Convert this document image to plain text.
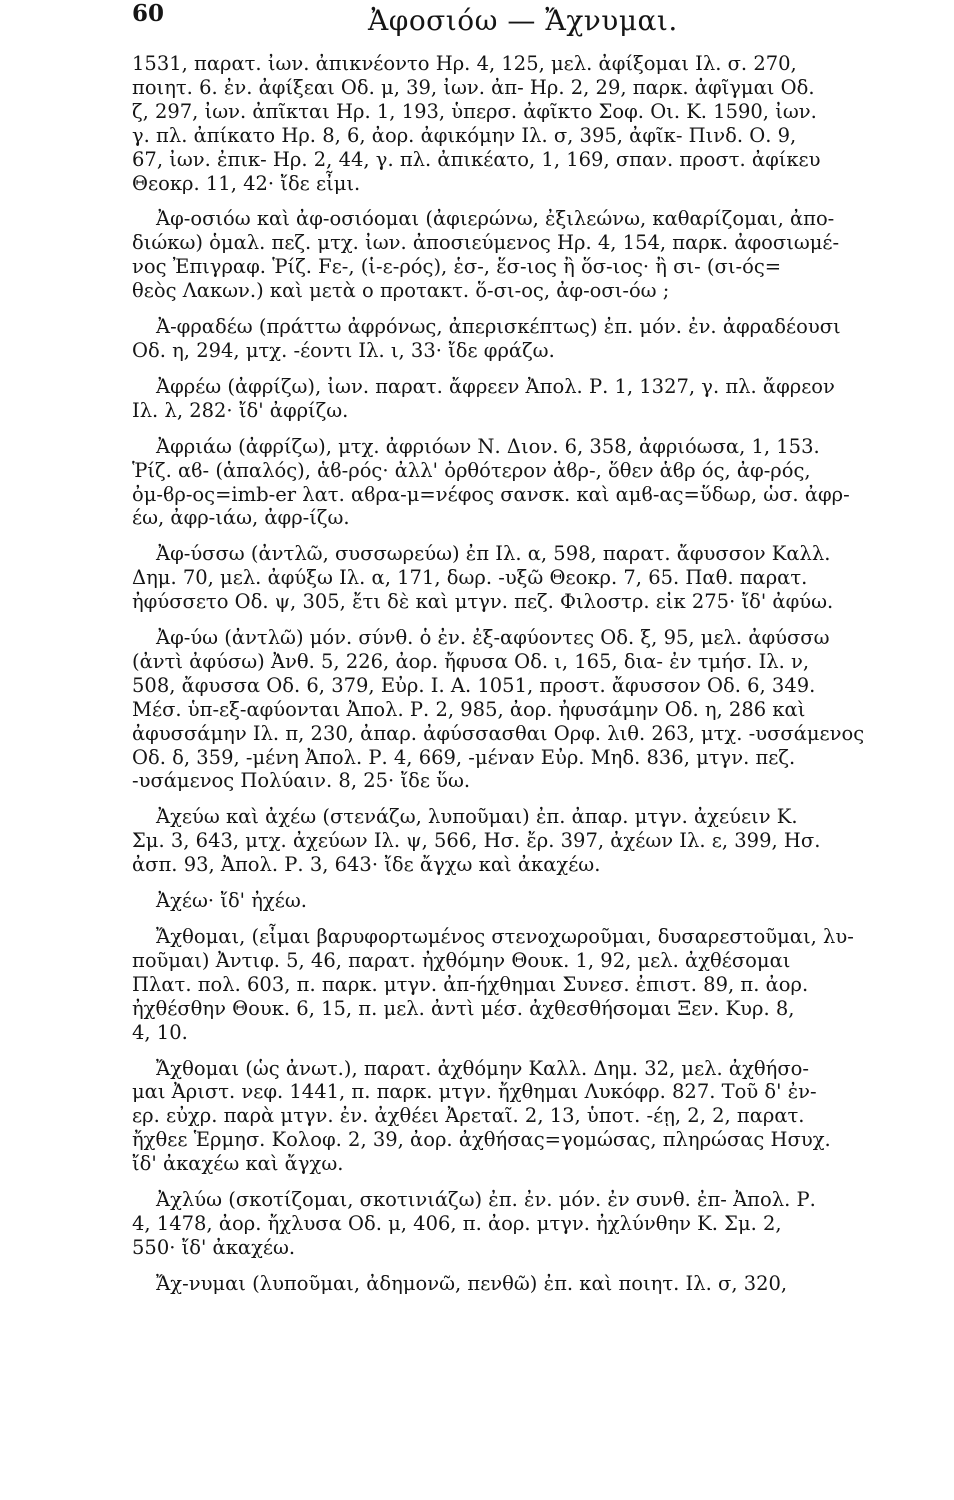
60	Ἀφοσιόω — Ἄχνυμαι.
1531, παρατ. ἰων. ἀπικνέοντο Ηρ. 4, 125, μελ. ἀφίξομαι Ιλ. σ. 270,
ποιητ. 6. ἐν. ἀφίξεαι Οδ. μ, 39, ἰων. ἀπ- Ηρ. 2, 29, παρκ. ἀφῖγμαι Οδ.
ζ, 297, ἰων. ἀπῖκται Ηρ. 1, 193, ὑπερσ. ἀφῖκτο Σοφ. Οι. Κ. 1590, ἰων.
γ. πλ. ἀπίκατο Ηρ. 8, 6, ἀορ. ἀφικόμην Ιλ. σ, 395, ἀφῖκ- Πινδ. Ο. 9,
67, ἰων. ἐπικ- Ηρ. 2, 44, γ. πλ. ἀπικέατο, 1, 169, σπαν. προστ. ἀφίκευ
Θεοκρ. 11, 42· ἴδε εἶμι.
Ἀφ-οσιόω καὶ ἀφ-οσιόομαι (ἀφιερώνω, ἐξιλεώνω, καθαρίζομαι, ἀπο-
διώκω) ὁμαλ. πεζ. μτχ. ἰων. ἀποσιεύμενος Ηρ. 4, 154, παρκ. ἀφοσιωμέ-
νος Ἐπιγραφ. Ῥίζ. Fε-, (ἱ-ε-ρός), ἑσ-, ἕσ-ιος ἢ ὅσ-ιος· ἢ σι- (σι-ός=
θεὸς Λακων.) καὶ μετὰ ο προτακτ. ὅ-σι-ος, ἀφ-οσι-όω ;
Ἀ-φραδέω (πράττω ἀφρόνως, ἀπερισκέπτως) ἐπ. μόν. ἐν. ἀφραδέουσι
Οδ. η, 294, μτχ. -έοντι Ιλ. ι, 33· ἴδε φράζω.
Ἀφρέω (ἀφρίζω), ἰων. παρατ. ἄφρεεν Ἀπολ. Ρ. 1, 1327, γ. πλ. ἄφρεον
Ιλ. λ, 282· ἴδ' ἀφρίζω.
Ἀφριάω (ἀφρίζω), μτχ. ἀφριόων Ν. Διον. 6, 358, ἀφριόωσα, 1, 153.
Ῥίζ. αϐ- (ἁπαλός), ἁϐ-ρός· ἀλλ' ὀρθότερον ἀϐρ-, ὅθεν ἁϐρ ός, ἀφ-ρός,
ὀμ-ϐρ-ος=imb-er λατ. αϐρα-μ=νέφος σανσκ. καὶ αμϐ-ας=ὕδωρ, ὡσ. ἀφρ-
έω, ἀφρ-ιάω, ἀφρ-ίζω.
Ἀφ-ύσσω (ἀντλῶ, συσσωρεύω) ἐπ Ιλ. α, 598, παρατ. ἄφυσσον Καλλ.
Δημ. 70, μελ. ἀφύξω Ιλ. α, 171, δωρ. -υξῶ Θεοκρ. 7, 65. Παθ. παρατ.
ἠφύσσετο Οδ. ψ, 305, ἔτι δὲ καὶ μτγν. πεζ. Φιλοστρ. εἰκ 275· ἴδ' ἀφύω.
Ἀφ-ύω (ἀντλῶ) μόν. σύνθ. ὁ ἐν. ἐξ-αφύοντες Οδ. ξ, 95, μελ. ἀφύσσω
(ἀντὶ ἀφύσω) Ἀνθ. 5, 226, ἀορ. ἤφυσα Οδ. ι, 165, δια- ἐν τμήσ. Ιλ. ν,
508, ἄφυσσα Οδ. 6, 379, Εὐρ. Ι. Α. 1051, προστ. ἄφυσσον Οδ. 6, 349.
Μέσ. ὑπ-εξ-αφύονται Ἀπολ. Ρ. 2, 985, ἀορ. ἠφυσάμην Οδ. η, 286 καὶ
ἀφυσσάμην Ιλ. π, 230, ἀπαρ. ἀφύσσασθαι Ορφ. λιθ. 263, μτχ. -υσσάμενος
Οδ. δ, 359, -μένη Ἀπολ. Ρ. 4, 669, -μέναν Εὐρ. Μηδ. 836, μτγν. πεζ.
-υσάμενος Πολύαιν. 8, 25· ἴδε ὕω.
Ἀχεύω καὶ ἀχέω (στενάζω, λυποῦμαι) ἐπ. ἀπαρ. μτγν. ἀχεύειν Κ.
Σμ. 3, 643, μτχ. ἀχεύων Ιλ. ψ, 566, Ησ. ἔρ. 397, ἀχέων Ιλ. ε, 399, Ησ.
ἀσπ. 93, Ἀπολ. Ρ. 3, 643· ἴδε ἄγχω καὶ ἀκαχέω.
Ἀχέω· ἴδ' ἠχέω.
Ἄχθομαι, (εἶμαι βαρυφορτωμένος στενοχωροῦμαι, δυσαρεστοῦμαι, λυ-
ποῦμαι) Ἀντιφ. 5, 46, παρατ. ἠχθόμην Θουκ. 1, 92, μελ. ἀχθέσομαι
Πλατ. πολ. 603, π. παρκ. μτγν. ἀπ-ήχθημαι Συνεσ. ἐπιστ. 89, π. ἀορ.
ἠχθέσθην Θουκ. 6, 15, π. μελ. ἀντὶ μέσ. ἀχθεσθήσομαι Ξεν. Κυρ. 8,
4, 10.
Ἄχθομαι (ὡς ἀνωτ.), παρατ. ἀχθόμην Καλλ. Δημ. 32, μελ. ἀχθήσο-
μαι Ἀριστ. νεφ. 1441, π. παρκ. μτγν. ἤχθημαι Λυκόφρ. 827. Τοῦ δ' ἐν-
ερ. εὐχρ. παρὰ μτγν. ἐν. ἀχθέει Ἀρεταῖ. 2, 13, ὑποτ. -έῃ, 2, 2, παρατ.
ἤχθεε Ἑρμησ. Κολοφ. 2, 39, ἀορ. ἀχθήσας=γομώσας, πληρώσας Ησυχ.
ἴδ' ἀκαχέω καὶ ἄγχω.
Ἀχλύω (σκοτίζομαι, σκοτινιάζω) ἐπ. ἐν. μόν. ἐν συνθ. ἐπ- Ἀπολ. Ρ.
4, 1478, ἀορ. ἤχλυσα Οδ. μ, 406, π. ἀορ. μτγν. ἠχλύνθην Κ. Σμ. 2,
550· ἴδ' ἀκαχέω.
Ἄχ-νυμαι (λυποῦμαι, ἀδημονῶ, πενθῶ) ἐπ. καὶ ποιητ. Ιλ. σ, 320,
